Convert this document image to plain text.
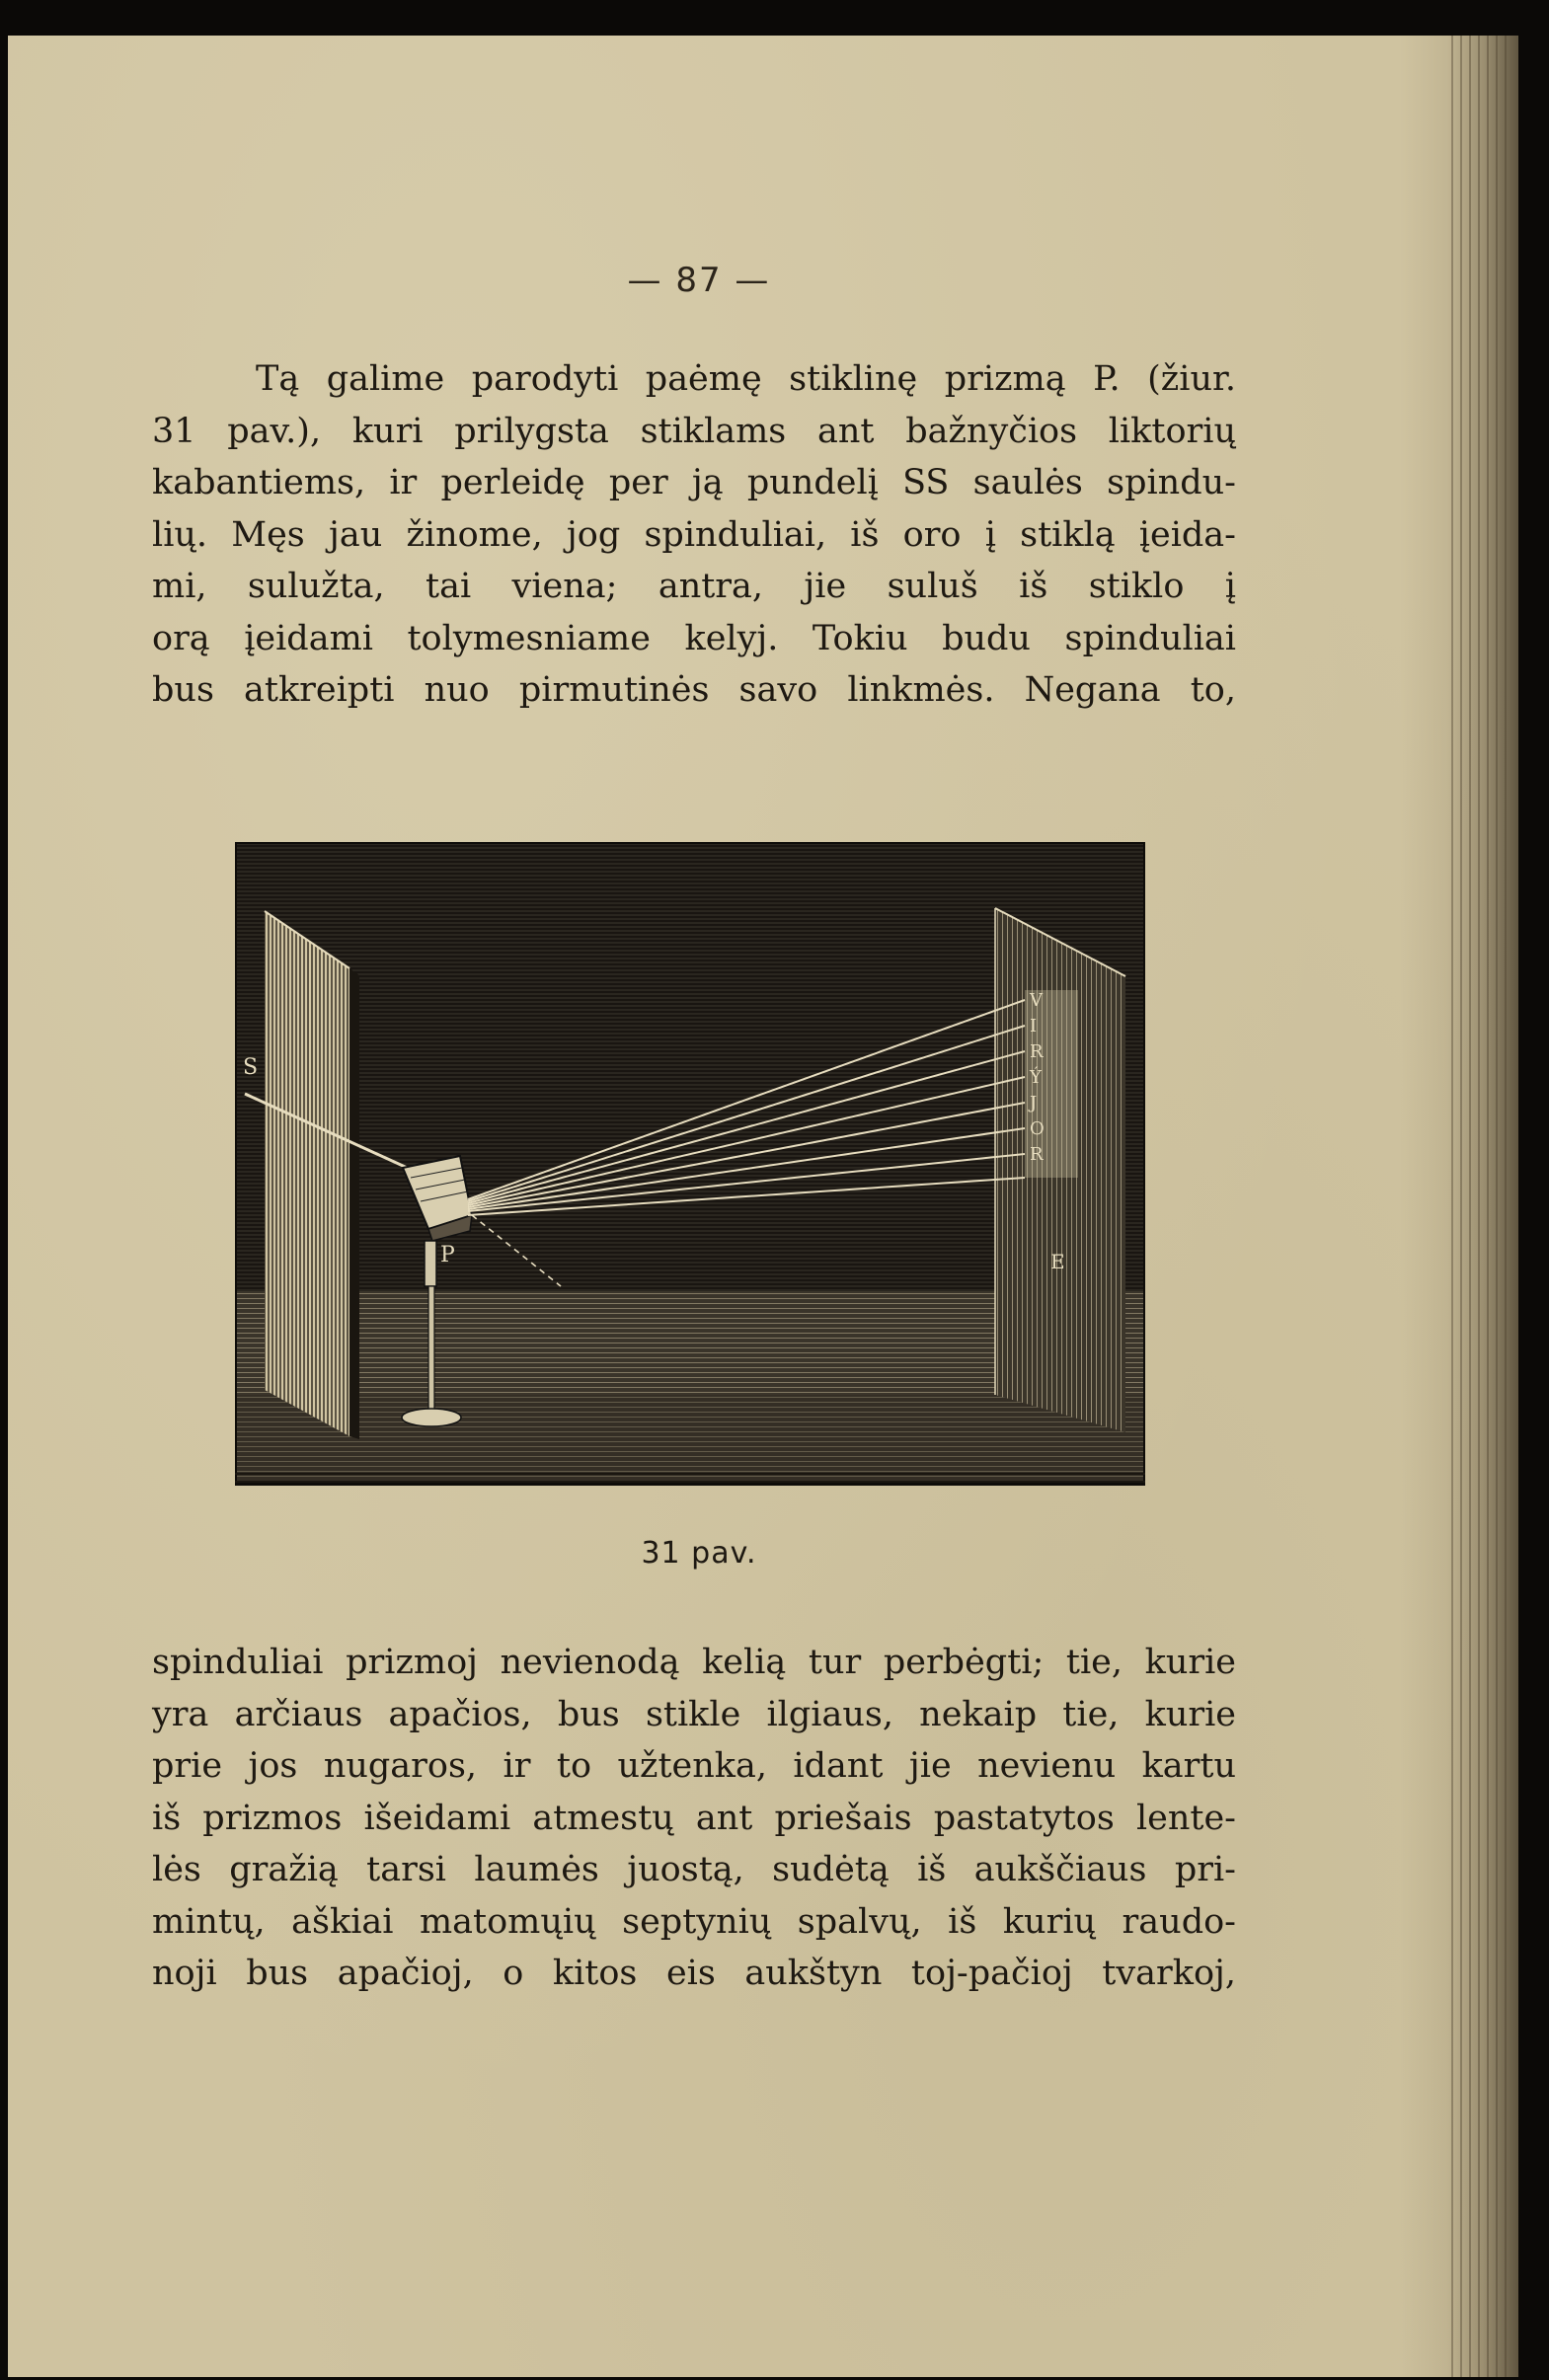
— 87 —
Tą galime parodyti paėmę stiklinę prizmą P. (žiur.
31 pav.), kuri prilygsta stiklams ant bažnyčios liktorių
kabantiems, ir perleidę per ją pundelį SS saulės spindu-
lių. Męs jau žinome, jog spinduliai, iš oro į stiklą įeida-
mi, sulužta, tai viena; antra, jie suluš iš stiklo į
orą įeidami tolymesniame kelyj. Tokiu budu spinduliai
bus atkreipti nuo pirmutinės savo linkmės. Negana to,
S
P	E
V
I
R
Ý
J
O
R
31 pav.
spinduliai prizmoj nevienodą kelią tur perbėgti; tie, kurie
yra arčiaus apačios, bus stikle ilgiaus, nekaip tie, kurie
prie jos nugaros, ir to užtenka, idant jie nevienu kartu
iš prizmos išeidami atmestų ant priešais pastatytos lente-
lės gražią tarsi laumės juostą, sudėtą iš aukščiaus pri-
mintų, aškiai matomųių septynių spalvų, iš kurių raudo-
noji bus apačioj, o kitos eis aukštyn toj-pačioj tvarkoj,
